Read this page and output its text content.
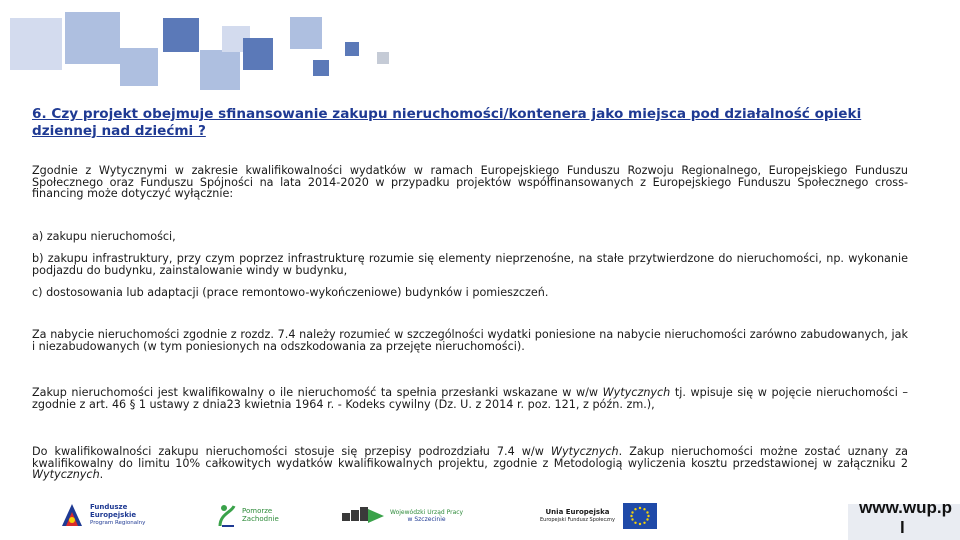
6. Czy projekt obejmuje sfinansowanie zakupu nieruchomości/kontenera jako miejsca pod działalność opieki dziennej nad dziećmi ?
Zgodnie z Wytycznymi w zakresie kwalifikowalności wydatków w ramach Europejskiego Funduszu Rozwoju Regionalnego, Europejskiego Funduszu Społecznego oraz Funduszu Spójności na lata 2014-2020 w przypadku projektów współfinansowanych z Europejskiego Funduszu Społecznego cross-financing może dotyczyć wyłącznie:
a) zakupu nieruchomości,
b) zakupu infrastruktury, przy czym poprzez infrastrukturę rozumie się elementy nieprzenośne, na stałe przytwierdzone do nieruchomości, np. wykonanie podjazdu do budynku, zainstalowanie windy w budynku,
c) dostosowania lub adaptacji (prace remontowo-wykończeniowe) budynków i pomieszczeń.
Za nabycie nieruchomości zgodnie z rozdz. 7.4 należy rozumieć w szczególności wydatki poniesione na nabycie nieruchomości zarówno zabudowanych, jak i niezabudowanych (w tym poniesionych na odszkodowania za przejęte nieruchomości).
Zakup nieruchomości jest kwalifikowalny o ile nieruchomość ta spełnia przesłanki wskazane w w/w Wytycznych tj. wpisuje się w pojęcie nieruchomości – zgodnie z art. 46 § 1 ustawy z dnia23 kwietnia 1964 r. - Kodeks cywilny (Dz. U. z 2014 r. poz. 121, z późn. zm.),
Do kwalifikowalności zakupu nieruchomości stosuje się przepisy podrozdziału 7.4 w/w Wytycznych. Zakup nieruchomości możne zostać uznany za kwalifikowalny do limitu 10% całkowitych wydatków kwalifikowalnych projektu, zgodnie z Metodologią wyliczenia kosztu przedstawionej w załączniku 2 Wytycznych.
Fundusze
Europejskie
Program Regionalny
Pomorze
Zachodnie
Wojewódzki Urząd Pracy
w Szczecinie
Unia Europejska
Europejski Fundusz Społeczny
www.wup.p
l
